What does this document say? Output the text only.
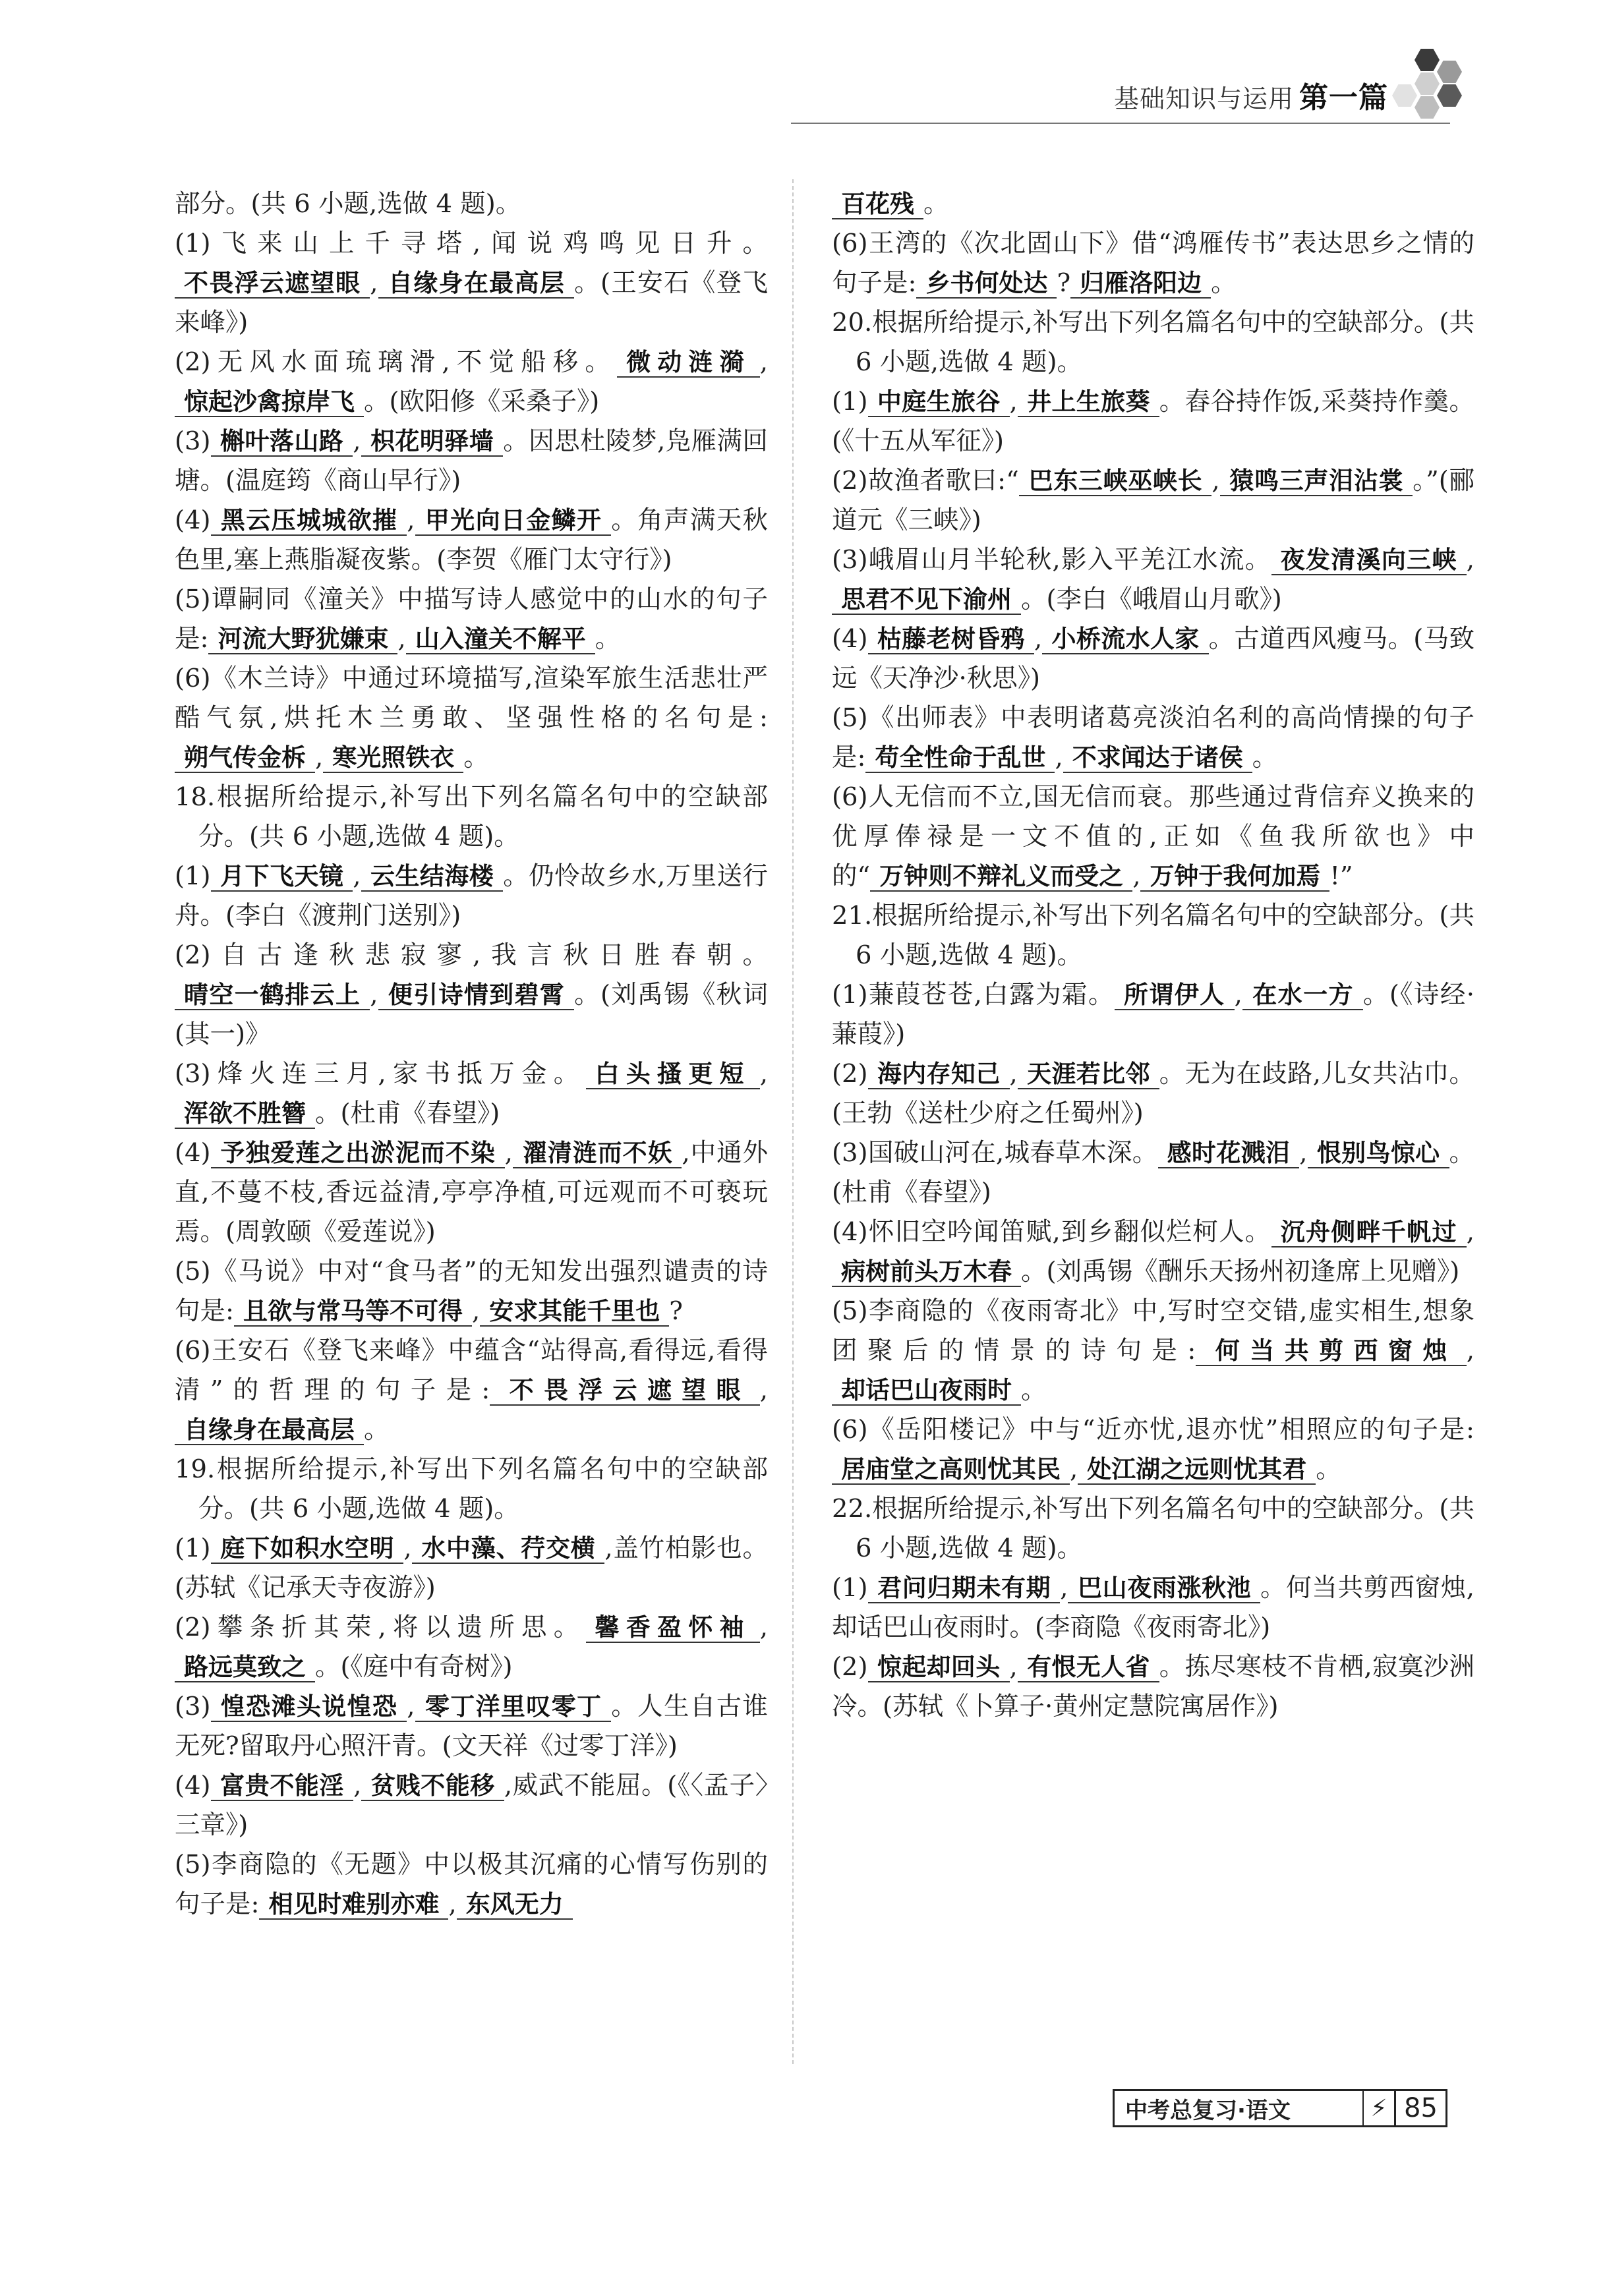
基础知识与运用 第一篇

部分。(共 6 小题,选做 4 题)。

(1)飞来山上千寻塔,闻说鸡鸣见日升。不畏浮云遮望眼 , 自缘身在最高层 。(王安石《登飞来峰》)

(2)无风水面琉璃滑,不觉船移。 微动涟漪 ,惊起沙禽掠岸飞 。(欧阳修《采桑子》)

(3) 槲叶落山路 , 枳花明驿墙 。因思杜陵梦,凫雁满回塘。(温庭筠《商山早行》)

(4) 黑云压城城欲摧 , 甲光向日金鳞开 。角声满天秋色里,塞上燕脂凝夜紫。(李贺《雁门太守行》)

(5)谭嗣同《潼关》中描写诗人感觉中的山水的句子是: 河流大野犹嫌束 , 山入潼关不解平 。

(6)《木兰诗》中通过环境描写,渲染军旅生活悲壮严酷气氛,烘托木兰勇敢、坚强性格的名句是:朔气传金柝 , 寒光照铁衣 。

18.根据所给提示,补写出下列名篇名句中的空缺部分。(共 6 小题,选做 4 题)。

(1) 月下飞天镜 , 云生结海楼 。仍怜故乡水,万里送行舟。(李白《渡荆门送别》)

(2)自古逢秋悲寂寥,我言秋日胜春朝。晴空一鹤排云上 , 便引诗情到碧霄 。(刘禹锡《秋词(其一)》

(3)烽火连三月,家书抵万金。 白头搔更短 ,浑欲不胜簪 。(杜甫《春望》)

(4) 予独爱莲之出淤泥而不染 , 濯清涟而不妖 ,中通外直,不蔓不枝,香远益清,亭亭净植,可远观而不可亵玩焉。(周敦颐《爱莲说》)

(5)《马说》中对“食马者”的无知发出强烈谴责的诗句是: 且欲与常马等不可得 , 安求其能千里也 ?

(6)王安石《登飞来峰》中蕴含“站得高,看得远,看得清”的哲理的句子是: 不畏浮云遮望眼 ,自缘身在最高层 。

19.根据所给提示,补写出下列名篇名句中的空缺部分。(共 6 小题,选做 4 题)。

(1) 庭下如积水空明 , 水中藻、荇交横 ,盖竹柏影也。(苏轼《记承天寺夜游》)

(2)攀条折其荣,将以遗所思。 馨香盈怀袖 ,路远莫致之 。(《庭中有奇树》)

(3) 惶恐滩头说惶恐 , 零丁洋里叹零丁 。人生自古谁无死?留取丹心照汗青。(文天祥《过零丁洋》)

(4) 富贵不能淫 , 贫贱不能移 ,威武不能屈。(《〈孟子〉三章》)

(5)李商隐的《无题》中以极其沉痛的心情写伤别的句子是: 相见时难别亦难 , 东风无力

百花残 。

(6)王湾的《次北固山下》借“鸿雁传书”表达思乡之情的句子是: 乡书何处达 ? 归雁洛阳边 。

20.根据所给提示,补写出下列名篇名句中的空缺部分。(共 6 小题,选做 4 题)。

(1) 中庭生旅谷 , 井上生旅葵 。舂谷持作饭,采葵持作羹。(《十五从军征》)

(2)故渔者歌曰:“ 巴东三峡巫峡长 , 猿鸣三声泪沾裳 。”(郦道元《三峡》)

(3)峨眉山月半轮秋,影入平羌江水流。 夜发清溪向三峡 ,思君不见下渝州 。(李白《峨眉山月歌》)

(4) 枯藤老树昏鸦 , 小桥流水人家 。古道西风瘦马。(马致远《天净沙·秋思》)

(5)《出师表》中表明诸葛亮淡泊名利的高尚情操的句子是: 苟全性命于乱世 , 不求闻达于诸侯 。

(6)人无信而不立,国无信而衰。那些通过背信弃义换来的优厚俸禄是一文不值的,正如《鱼我所欲也》中的“ 万钟则不辩礼义而受之 , 万钟于我何加焉 !”

21.根据所给提示,补写出下列名篇名句中的空缺部分。(共 6 小题,选做 4 题)。

(1)蒹葭苍苍,白露为霜。 所谓伊人 , 在水一方 。(《诗经·蒹葭》)

(2) 海内存知己 , 天涯若比邻 。无为在歧路,儿女共沾巾。(王勃《送杜少府之任蜀州》)

(3)国破山河在,城春草木深。 感时花溅泪 , 恨别鸟惊心 。(杜甫《春望》)

(4)怀旧空吟闻笛赋,到乡翻似烂柯人。 沉舟侧畔千帆过 ,病树前头万木春 。(刘禹锡《酬乐天扬州初逢席上见赠》)

(5)李商隐的《夜雨寄北》中,写时空交错,虚实相生,想象团聚后的情景的诗句是: 何当共剪西窗烛 ,却话巴山夜雨时 。

(6)《岳阳楼记》中与“近亦忧,退亦忧”相照应的句子是:居庙堂之高则忧其民 , 处江湖之远则忧其君 。

22.根据所给提示,补写出下列名篇名句中的空缺部分。(共 6 小题,选做 4 题)。

(1) 君问归期未有期 , 巴山夜雨涨秋池 。何当共剪西窗烛,却话巴山夜雨时。(李商隐《夜雨寄北》)

(2) 惊起却回头 , 有恨无人省 。拣尽寒枝不肯栖,寂寞沙洲冷。(苏轼《卜算子·黄州定慧院寓居作》)

中考总复习·语文	⚡ 85
